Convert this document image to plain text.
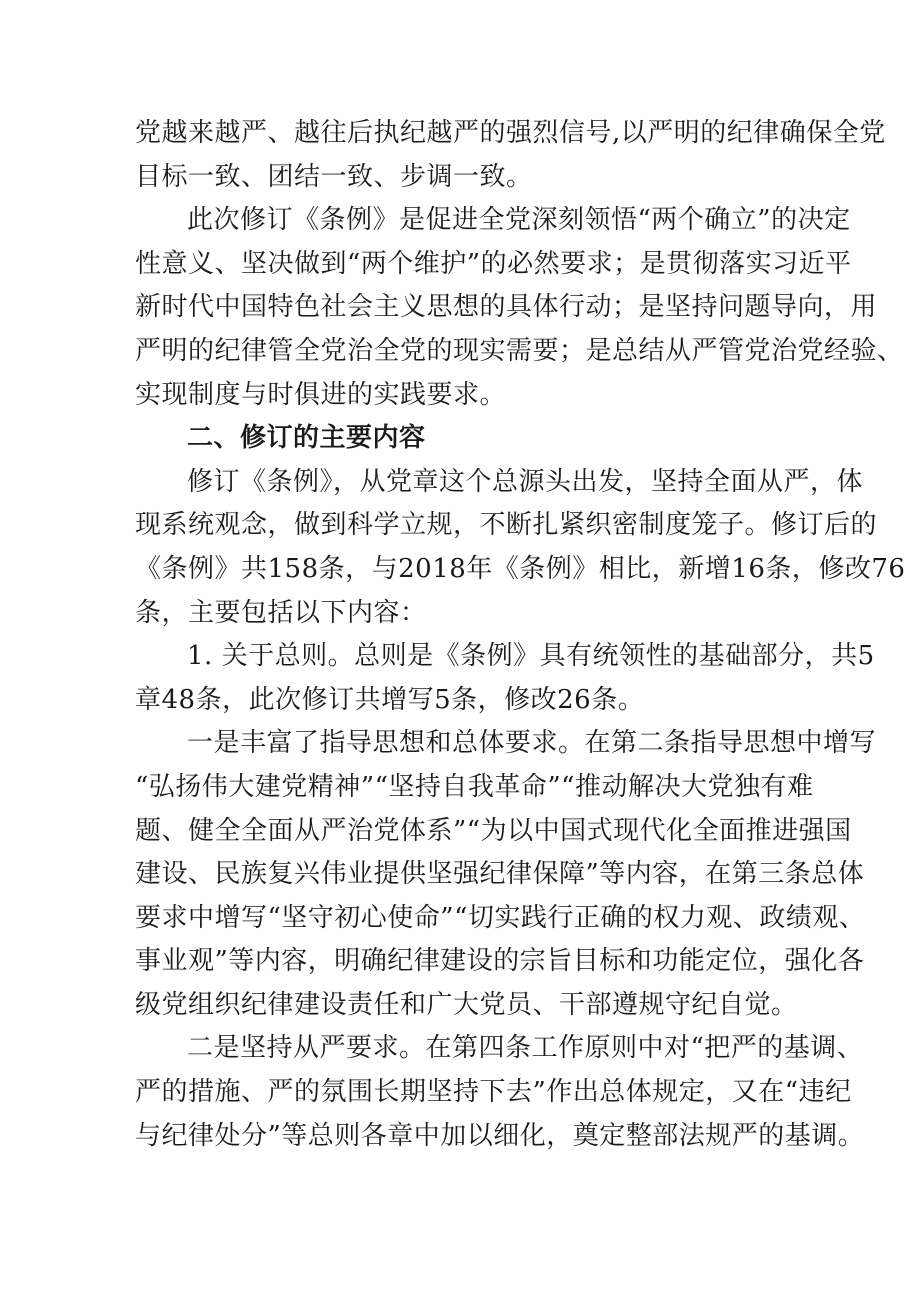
党越来越严、越往后执纪越严的强烈信号,以严明的纪律确保全党
目标一致、团结一致、步调一致。

此次修订《条例》是促进全党深刻领悟“两个确立”的决定
性意义、坚决做到“两个维护”的必然要求；是贯彻落实习近平
新时代中国特色社会主义思想的具体行动；是坚持问题导向，用
严明的纪律管全党治全党的现实需要；是总结从严管党治党经验、
实现制度与时俱进的实践要求。

二、修订的主要内容

修订《条例》，从党章这个总源头出发，坚持全面从严，体
现系统观念，做到科学立规，不断扎紧织密制度笼子。修订后的
《条例》共158条，与2018年《条例》相比，新增16条，修改76
条，主要包括以下内容：

1. 关于总则。总则是《条例》具有统领性的基础部分，共5
章48条，此次修订共增写5条，修改26条。

一是丰富了指导思想和总体要求。在第二条指导思想中增写
“弘扬伟大建党精神”“坚持自我革命”“推动解决大党独有难
题、健全全面从严治党体系”“为以中国式现代化全面推进强国
建设、民族复兴伟业提供坚强纪律保障”等内容，在第三条总体
要求中增写“坚守初心使命”“切实践行正确的权力观、政绩观、
事业观”等内容，明确纪律建设的宗旨目标和功能定位，强化各
级党组织纪律建设责任和广大党员、干部遵规守纪自觉。

二是坚持从严要求。在第四条工作原则中对“把严的基调、
严的措施、严的氛围长期坚持下去”作出总体规定，又在“违纪
与纪律处分”等总则各章中加以细化，奠定整部法规严的基调。
